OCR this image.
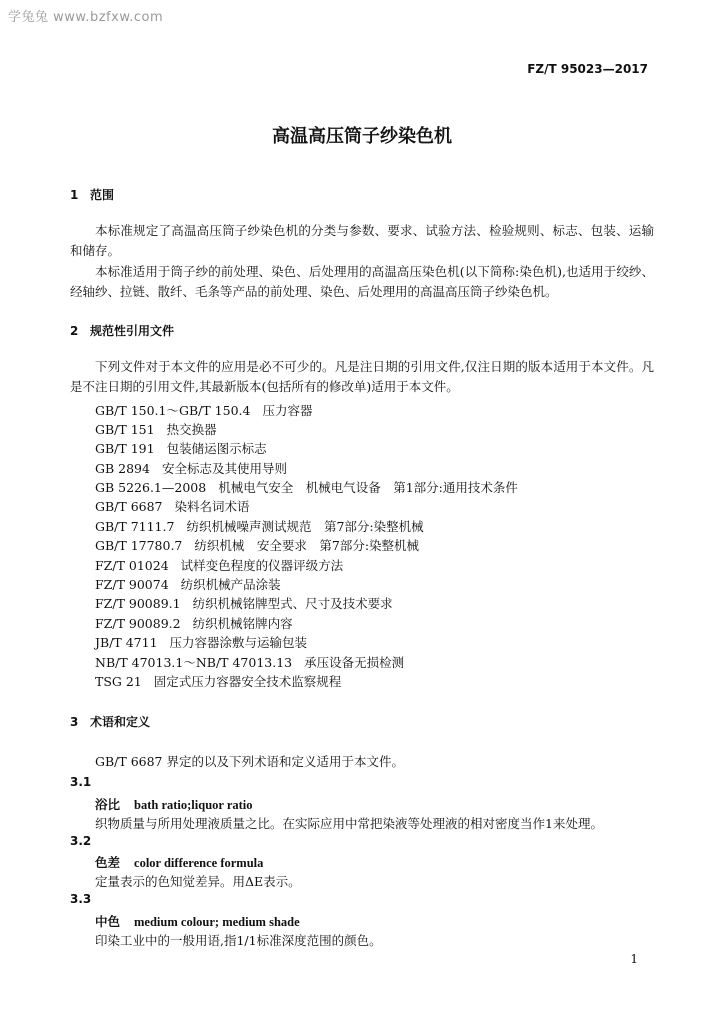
学兔兔 www.bzfxw.com
FZ/T 95023—2017
高温高压筒子纱染色机
1 范围
本标准规定了高温高压筒子纱染色机的分类与参数、要求、试验方法、检验规则、标志、包装、运输和储存。
本标准适用于筒子纱的前处理、染色、后处理用的高温高压染色机(以下简称:染色机),也适用于绞纱、经轴纱、拉链、散纤、毛条等产品的前处理、染色、后处理用的高温高压筒子纱染色机。
2 规范性引用文件
下列文件对于本文件的应用是必不可少的。凡是注日期的引用文件,仅注日期的版本适用于本文件。凡是不注日期的引用文件,其最新版本(包括所有的修改单)适用于本文件。
GB/T 150.1～GB/T 150.4 压力容器
GB/T 151 热交换器
GB/T 191 包装储运图示标志
GB 2894 安全标志及其使用导则
GB 5226.1—2008 机械电气安全　机械电气设备　第1部分:通用技术条件
GB/T 6687 染料名词术语
GB/T 7111.7 纺织机械噪声测试规范　第7部分:染整机械
GB/T 17780.7 纺织机械　安全要求　第7部分:染整机械
FZ/T 01024 试样变色程度的仪器评级方法
FZ/T 90074 纺织机械产品涂装
FZ/T 90089.1 纺织机械铭牌型式、尺寸及技术要求
FZ/T 90089.2 纺织机械铭牌内容
JB/T 4711 压力容器涂敷与运输包装
NB/T 47013.1～NB/T 47013.13 承压设备无损检测
TSG 21 固定式压力容器安全技术监察规程
3 术语和定义
GB/T 6687 界定的以及下列术语和定义适用于本文件。
3.1
浴比 bath ratio;liquor ratio
织物质量与所用处理液质量之比。在实际应用中常把染液等处理液的相对密度当作1来处理。
3.2
色差 color difference formula
定量表示的色知觉差异。用ΔE表示。
3.3
中色 medium colour; medium shade
印染工业中的一般用语,指1/1标准深度范围的颜色。
1
